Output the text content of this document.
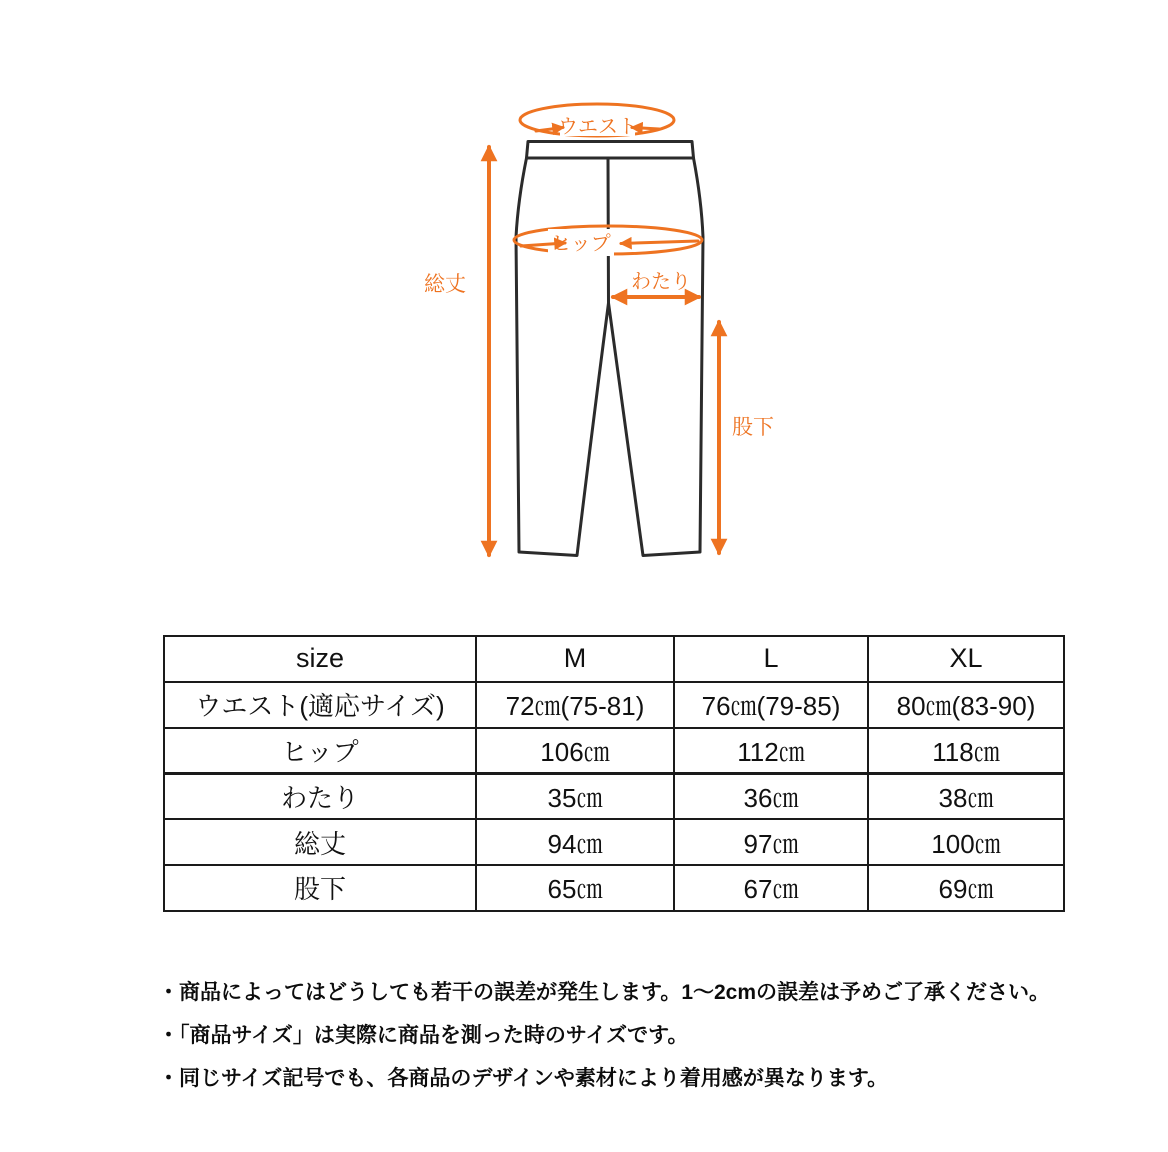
ウエスト
ヒップ
わたり
総丈
股下
size	M	L	XL
ウエスト(適応サイズ)	72㎝(75-81)	76㎝(79-85)	80㎝(83-90)
ヒップ	106㎝	112㎝	118㎝
わたり	35㎝	36㎝	38㎝
総丈	94㎝	97㎝	100㎝
股下	65㎝	67㎝	69㎝

・商品によってはどうしても若干の誤差が発生します。1〜2cmの誤差は予めご了承ください。

・「商品サイズ」は実際に商品を測った時のサイズです。

・同じサイズ記号でも、各商品のデザインや素材により着用感が異なります。
